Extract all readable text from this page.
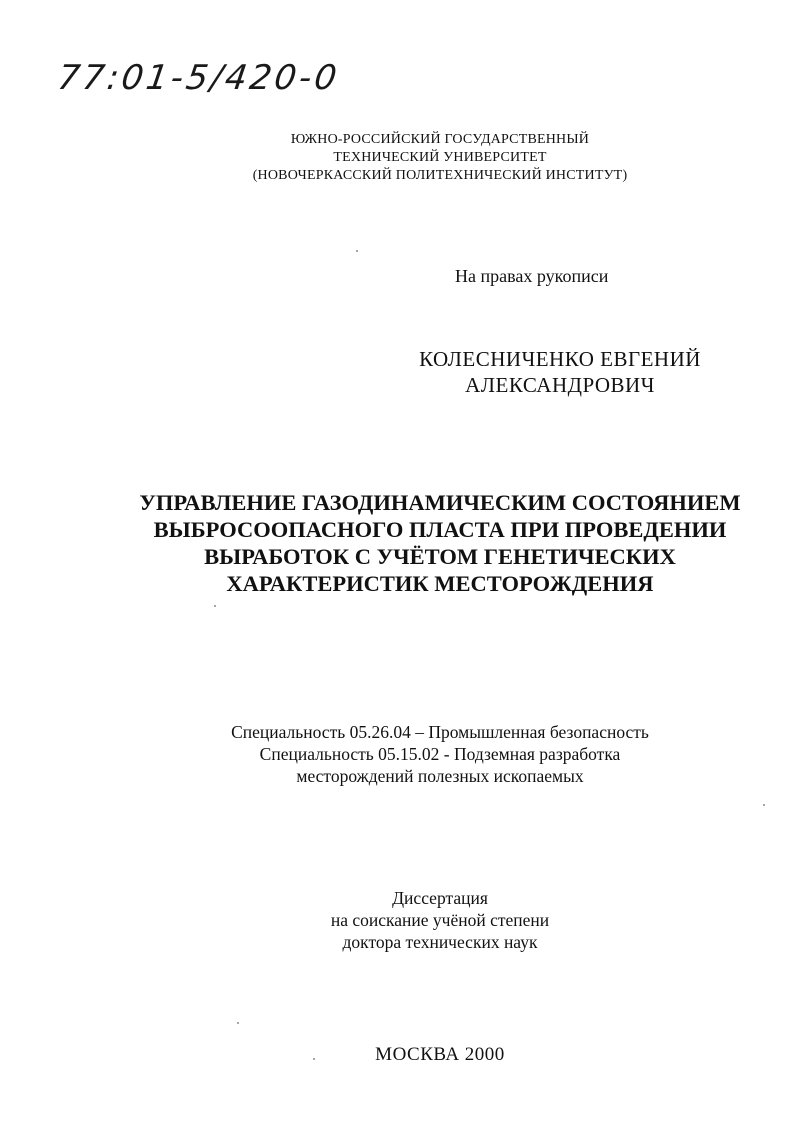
77:01-5/420-0
ЮЖНО-РОССИЙСКИЙ ГОСУДАРСТВЕННЫЙ
ТЕХНИЧЕСКИЙ УНИВЕРСИТЕТ
(НОВОЧЕРКАССКИЙ ПОЛИТЕХНИЧЕСКИЙ ИНСТИТУТ)
На правах рукописи
КОЛЕСНИЧЕНКО ЕВГЕНИЙ
АЛЕКСАНДРОВИЧ
УПРАВЛЕНИЕ ГАЗОДИНАМИЧЕСКИМ СОСТОЯНИЕМ
ВЫБРОСООПАСНОГО ПЛАСТА ПРИ ПРОВЕДЕНИИ
ВЫРАБОТОК С УЧЁТОМ ГЕНЕТИЧЕСКИХ
ХАРАКТЕРИСТИК МЕСТОРОЖДЕНИЯ
Специальность 05.26.04 – Промышленная безопасность
Специальность 05.15.02 - Подземная разработка
месторождений полезных ископаемых
Диссертация
на соискание учёной степени
доктора технических наук
МОСКВА 2000
